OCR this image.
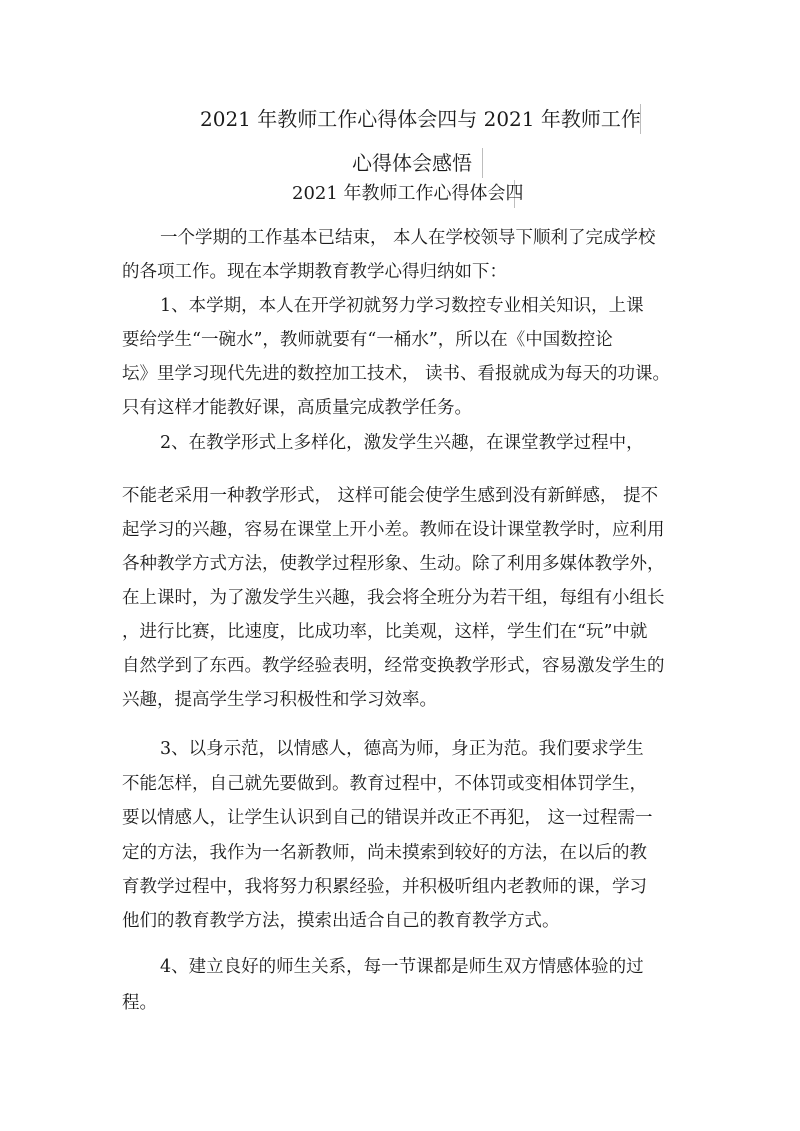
2021 年教师工作心得体会四与 2021 年教师工作
心得体会感悟
2021 年教师工作心得体会四
一个学期的工作基本已结束， 本人在学校领导下顺利了完成学校
的各项工作。现在本学期教育教学心得归纳如下：
1、本学期，本人在开学初就努力学习数控专业相关知识，上课
要给学生“一碗水”，教师就要有“一桶水”，所以在《中国数控论
坛》里学习现代先进的数控加工技术， 读书、看报就成为每天的功课。
只有这样才能教好课，高质量完成教学任务。
2、在教学形式上多样化，激发学生兴趣，在课堂教学过程中，
不能老采用一种教学形式， 这样可能会使学生感到没有新鲜感， 提不
起学习的兴趣，容易在课堂上开小差。教师在设计课堂教学时，应利用
各种教学方式方法，使教学过程形象、生动。除了利用多媒体教学外，
在上课时，为了激发学生兴趣，我会将全班分为若干组，每组有小组长
，进行比赛，比速度，比成功率，比美观，这样，学生们在“玩”中就
自然学到了东西。教学经验表明，经常变换教学形式，容易激发学生的
兴趣，提高学生学习积极性和学习效率。
3、以身示范，以情感人，德高为师，身正为范。我们要求学生
不能怎样，自己就先要做到。教育过程中，不体罚或变相体罚学生，
要以情感人，让学生认识到自己的错误并改正不再犯， 这一过程需一
定的方法，我作为一名新教师，尚未摸索到较好的方法，在以后的教
育教学过程中，我将努力积累经验，并积极听组内老教师的课，学习
他们的教育教学方法，摸索出适合自己的教育教学方式。
4、建立良好的师生关系，每一节课都是师生双方情感体验的过
程。
